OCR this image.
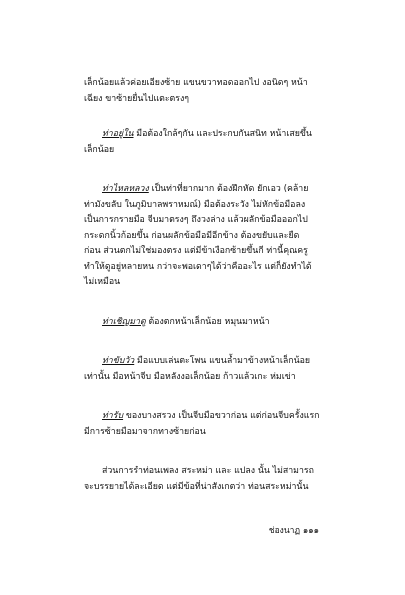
เล็กน้อยแล้วค่อยเอียงซ้าย แขนขวาทอดออกไป งอนิดๆ หน้า
เฉียง ขาซ้ายยื่นไปแตะตรงๆ

ท่าอยู่ใน มือต้องใกล้ๆกัน และประกบกันสนิท หน้าเสยขึ้น
เล็กน้อย

ท่าไหลหลวง เป็นท่าที่ยากมาก ต้องฝึกหัด ยักเอว (คล้าย
ท่ามังขลับ ในภูมิบาลพราหมณ์) มือต้องระวัง ไม่หักข้อมือลง
เป็นการกรายมือ จีบมาตรงๆ ถึงวงล่าง แล้วผลักข้อมือออกไป
กระดกนิ้วก้อยขึ้น ก่อนผลักข้อมือมีอีกข้าง ต้องขยับและยืด
ก่อน ส่วนตกไม่ใช่มองตรง แต่มีข้าเงือกซ้ายขึ้นกี ท่านี้คุณครู
ทำให้ดูอยู่หลายหน กว่าจะพอเดาๆได้ว่าคืออะไร แต่ก็ยังทำได้
ไม่เหมือน

ท่าเชิญมาดู ต้องตกหน้าเล็กน้อย หมุนมาหน้า

ท่าขับวัว มือแบบเล่นตะโพน แขนล้ำมาข้างหน้าเล็กน้อย
เท่านั้น มือหน้าจีบ มือหลังงอเล็กน้อย ก้าวแล้วเกะ ห่มเข่า

ท่ารับ ของบางสรวง เป็นจีบมือขวาก่อน แต่ก่อนจีบครั้งแรก
มีการซ้ายมือมาจากทางซ้ายก่อน

ส่วนการรำท่อนเพลง สระหม่า และ แปลง นั้น ไม่สามารถ
จะบรรยายได้ละเอียด แต่มีข้อที่น่าสังเกตว่า ท่อนสระหม่านั้น

ช่องนาฏ ๑๑๑
